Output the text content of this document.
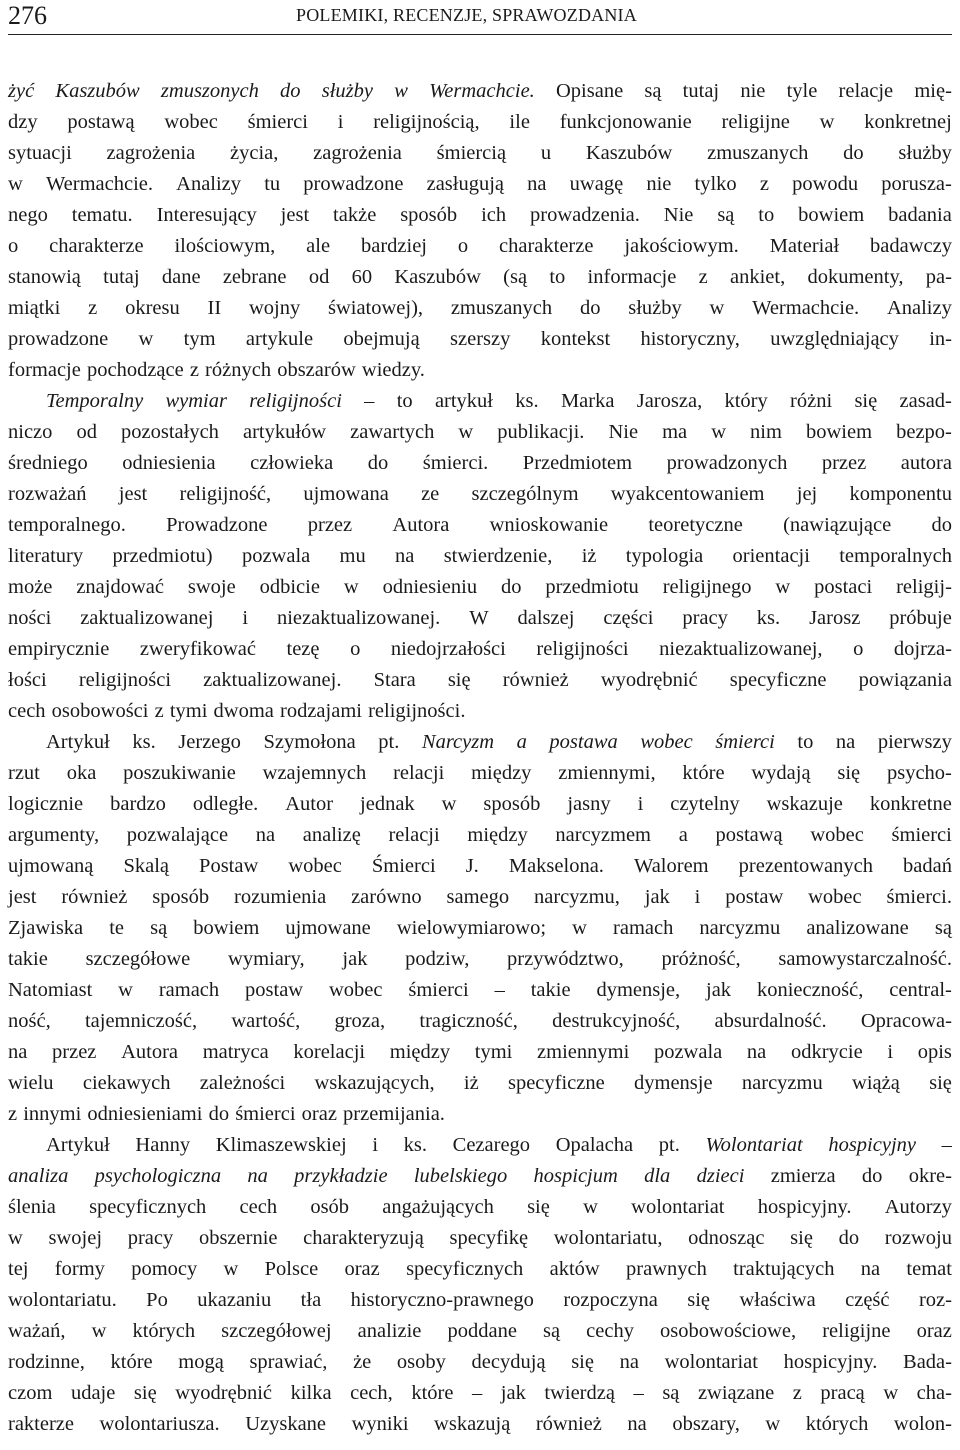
276	POLEMIKI, RECENZJE, SPRAWOZDANIA
żyć Kaszubów zmuszonych do służby w Wermachcie. Opisane są tutaj nie tyle relacje mię-
dzy postawą wobec śmierci i religijnością, ile funkcjonowanie religijne w konkretnej
sytuacji zagrożenia życia, zagrożenia śmiercią u Kaszubów zmuszanych do służby
w Wermachcie. Analizy tu prowadzone zasługują na uwagę nie tylko z powodu porusza-
nego tematu. Interesujący jest także sposób ich prowadzenia. Nie są to bowiem badania
o charakterze ilościowym, ale bardziej o charakterze jakościowym. Materiał badawczy
stanowią tutaj dane zebrane od 60 Kaszubów (są to informacje z ankiet, dokumenty, pa-
miątki z okresu II wojny światowej), zmuszanych do służby w Wermachcie. Analizy
prowadzone w tym artykule obejmują szerszy kontekst historyczny, uwzględniający in-
formacje pochodzące z różnych obszarów wiedzy.
Temporalny wymiar religijności – to artykuł ks. Marka Jarosza, który różni się zasad-
niczo od pozostałych artykułów zawartych w publikacji. Nie ma w nim bowiem bezpo-
średniego odniesienia człowieka do śmierci. Przedmiotem prowadzonych przez autora
rozważań jest religijność, ujmowana ze szczególnym wyakcentowaniem jej komponentu
temporalnego. Prowadzone przez Autora wnioskowanie teoretyczne (nawiązujące do
literatury przedmiotu) pozwala mu na stwierdzenie, iż typologia orientacji temporalnych
może znajdować swoje odbicie w odniesieniu do przedmiotu religijnego w postaci religij-
ności zaktualizowanej i niezaktualizowanej. W dalszej części pracy ks. Jarosz próbuje
empirycznie zweryfikować tezę o niedojrzałości religijności niezaktualizowanej, o dojrza-
łości religijności zaktualizowanej. Stara się również wyodrębnić specyficzne powiązania
cech osobowości z tymi dwoma rodzajami religijności.
Artykuł ks. Jerzego Szymołona pt. Narcyzm a postawa wobec śmierci to na pierwszy
rzut oka poszukiwanie wzajemnych relacji między zmiennymi, które wydają się psycho-
logicznie bardzo odległe. Autor jednak w sposób jasny i czytelny wskazuje konkretne
argumenty, pozwalające na analizę relacji między narcyzmem a postawą wobec śmierci
ujmowaną Skalą Postaw wobec Śmierci J. Makselona. Walorem prezentowanych badań
jest również sposób rozumienia zarówno samego narcyzmu, jak i postaw wobec śmierci.
Zjawiska te są bowiem ujmowane wielowymiarowo; w ramach narcyzmu analizowane są
takie szczegółowe wymiary, jak podziw, przywództwo, próżność, samowystarczalność.
Natomiast w ramach postaw wobec śmierci – takie dymensje, jak konieczność, central-
ność, tajemniczość, wartość, groza, tragiczność, destrukcyjność, absurdalność. Opracowa-
na przez Autora matryca korelacji między tymi zmiennymi pozwala na odkrycie i opis
wielu ciekawych zależności wskazujących, iż specyficzne dymensje narcyzmu wiążą się
z innymi odniesieniami do śmierci oraz przemijania.
Artykuł Hanny Klimaszewskiej i ks. Cezarego Opalacha pt. Wolontariat hospicyjny –
analiza psychologiczna na przykładzie lubelskiego hospicjum dla dzieci zmierza do okre-
ślenia specyficznych cech osób angażujących się w wolontariat hospicyjny. Autorzy
w swojej pracy obszernie charakteryzują specyfikę wolontariatu, odnosząc się do rozwoju
tej formy pomocy w Polsce oraz specyficznych aktów prawnych traktujących na temat
wolontariatu. Po ukazaniu tła historyczno-prawnego rozpoczyna się właściwa część roz-
ważań, w których szczegółowej analizie poddane są cechy osobowościowe, religijne oraz
rodzinne, które mogą sprawiać, że osoby decydują się na wolontariat hospicyjny. Bada-
czom udaje się wyodrębnić kilka cech, które – jak twierdzą – są związane z pracą w cha-
rakterze wolontariusza. Uzyskane wyniki wskazują również na obszary, w których wolon-
